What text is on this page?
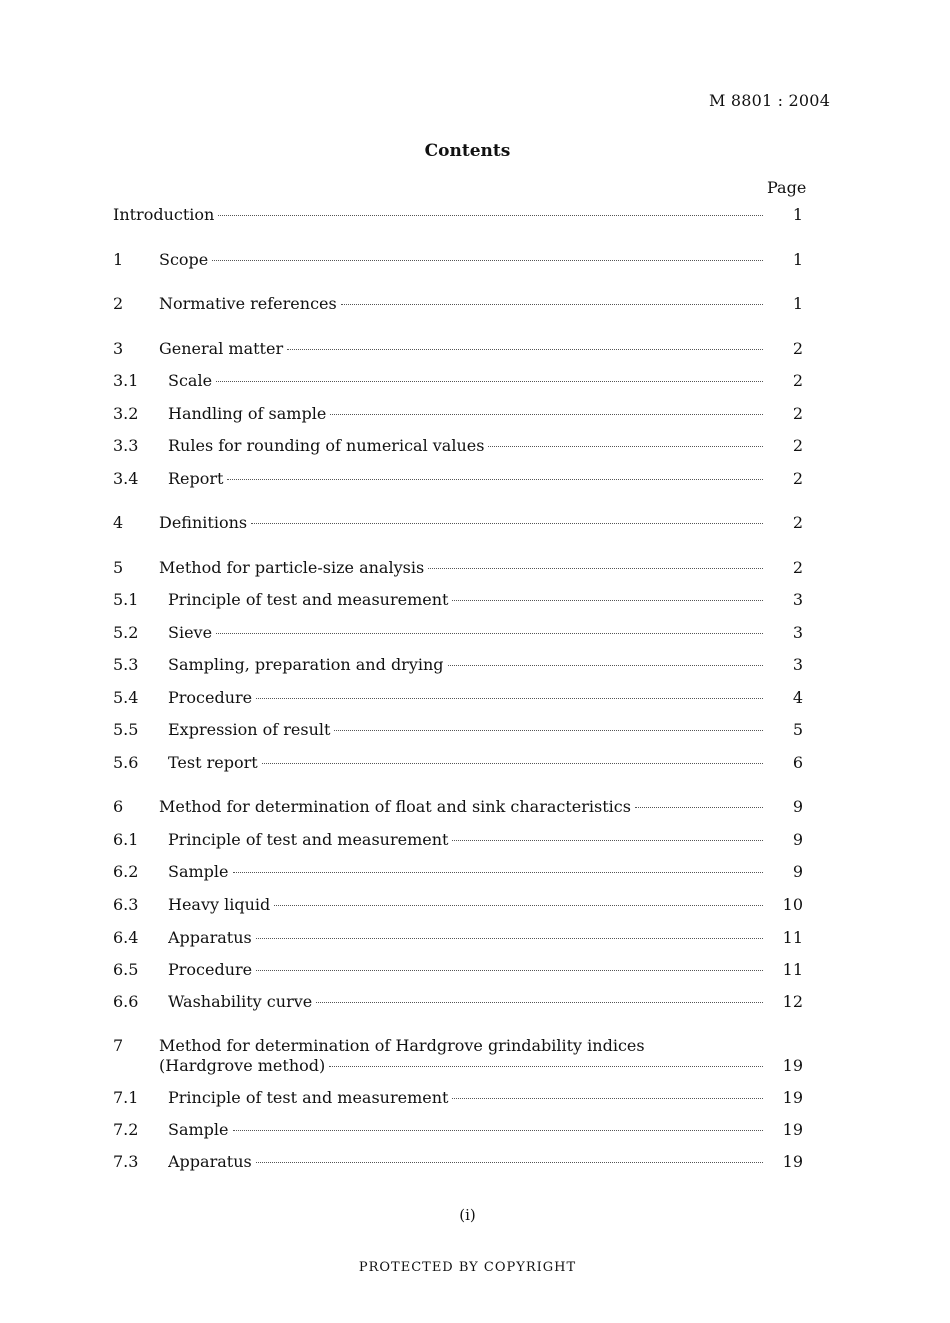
M 8801 : 2004
Contents
Page
Introduction	1
1	Scope	1
2	Normative references	1
3	General matter	2
3.1	Scale	2
3.2	Handling of sample	2
3.3	Rules for rounding of numerical values	2
3.4	Report	2
4	Definitions	2
5	Method for particle-size analysis	2
5.1	Principle of test and measurement	3
5.2	Sieve	3
5.3	Sampling, preparation and drying	3
5.4	Procedure	4
5.5	Expression of result	5
5.6	Test report	6
6	Method for determination of float and sink characteristics	9
6.1	Principle of test and measurement	9
6.2	Sample	9
6.3	Heavy liquid	10
6.4	Apparatus	11
6.5	Procedure	11
6.6	Washability curve	12
7	Method for determination of Hardgrove grindability indices
(Hardgrove method)	19
7.1	Principle of test and measurement	19
7.2	Sample	19
7.3	Apparatus	19
(i)
PROTECTED BY COPYRIGHT
